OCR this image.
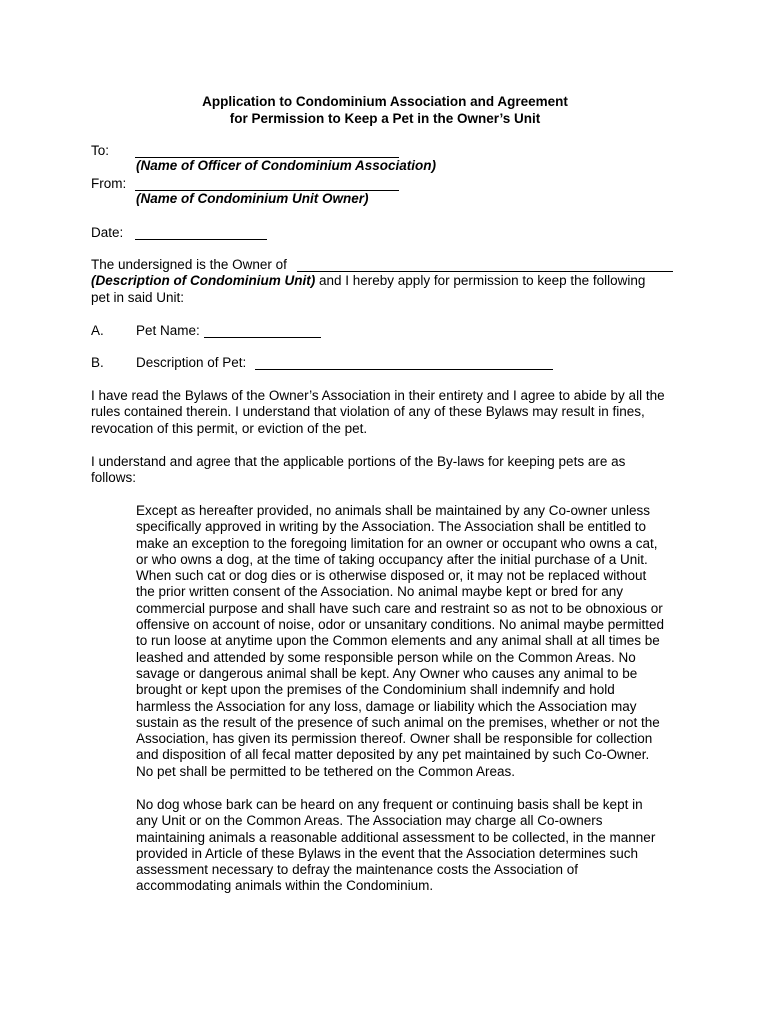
Application to Condominium Association and Agreement
for Permission to Keep a Pet in the Owner’s Unit
To:
(Name of Officer of Condominium Association)
From:
(Name of Condominium Unit Owner)
Date:
The undersigned is the Owner of
(Description of Condominium Unit) and I hereby apply for permission to keep the following
pet in said Unit:
A. Pet Name:
B. Description of Pet:
I have read the Bylaws of the Owner’s Association in their entirety and I agree to abide by all the
rules contained therein. I understand that violation of any of these Bylaws may result in fines,
revocation of this permit, or eviction of the pet.
I understand and agree that the applicable portions of the By-laws for keeping pets are as
follows:
Except as hereafter provided, no animals shall be maintained by any Co-owner unless
specifically approved in writing by the Association. The Association shall be entitled to
make an exception to the foregoing limitation for an owner or occupant who owns a cat,
or who owns a dog, at the time of taking occupancy after the initial purchase of a Unit.
When such cat or dog dies or is otherwise disposed or, it may not be replaced without
the prior written consent of the Association. No animal maybe kept or bred for any
commercial purpose and shall have such care and restraint so as not to be obnoxious or
offensive on account of noise, odor or unsanitary conditions. No animal maybe permitted
to run loose at anytime upon the Common elements and any animal shall at all times be
leashed and attended by some responsible person while on the Common Areas. No
savage or dangerous animal shall be kept. Any Owner who causes any animal to be
brought or kept upon the premises of the Condominium shall indemnify and hold
harmless the Association for any loss, damage or liability which the Association may
sustain as the result of the presence of such animal on the premises, whether or not the
Association, has given its permission thereof. Owner shall be responsible for collection
and disposition of all fecal matter deposited by any pet maintained by such Co-Owner.
No pet shall be permitted to be tethered on the Common Areas.
No dog whose bark can be heard on any frequent or continuing basis shall be kept in
any Unit or on the Common Areas. The Association may charge all Co-owners
maintaining animals a reasonable additional assessment to be collected, in the manner
provided in Article of these Bylaws in the event that the Association determines such
assessment necessary to defray the maintenance costs the Association of
accommodating animals within the Condominium.
